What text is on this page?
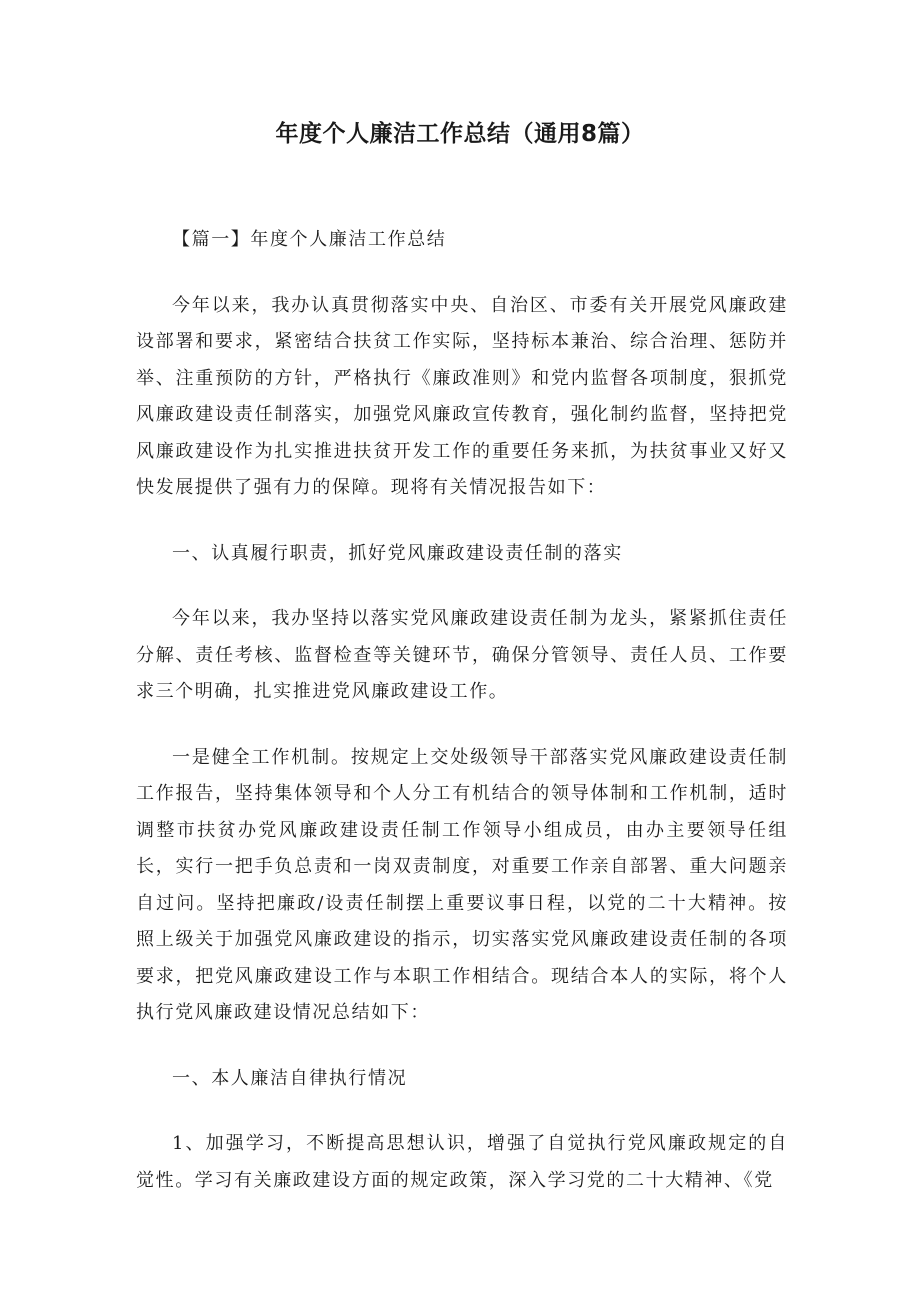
年度个人廉洁工作总结（通用8篇）

【篇一】年度个人廉洁工作总结

今年以来，我办认真贯彻落实中央、自治区、市委有关开展党风廉政建设部署和要求，紧密结合扶贫工作实际，坚持标本兼治、综合治理、惩防并举、注重预防的方针，严格执行《廉政准则》和党内监督各项制度，狠抓党风廉政建设责任制落实，加强党风廉政宣传教育，强化制约监督，坚持把党风廉政建设作为扎实推进扶贫开发工作的重要任务来抓，为扶贫事业又好又快发展提供了强有力的保障。现将有关情况报告如下：

一、认真履行职责，抓好党风廉政建设责任制的落实

今年以来，我办坚持以落实党风廉政建设责任制为龙头，紧紧抓住责任分解、责任考核、监督检查等关键环节，确保分管领导、责任人员、工作要求三个明确，扎实推进党风廉政建设工作。

一是健全工作机制。按规定上交处级领导干部落实党风廉政建设责任制工作报告，坚持集体领导和个人分工有机结合的领导体制和工作机制，适时调整市扶贫办党风廉政建设责任制工作领导小组成员，由办主要领导任组长，实行一把手负总责和一岗双责制度，对重要工作亲自部署、重大问题亲自过问。坚持把廉政/设责任制摆上重要议事日程，以党的二十大精神。按照上级关于加强党风廉政建设的指示，切实落实党风廉政建设责任制的各项要求，把党风廉政建设工作与本职工作相结合。现结合本人的实际，将个人执行党风廉政建设情况总结如下：

一、本人廉洁自律执行情况

1、加强学习，不断提高思想认识，增强了自觉执行党风廉政规定的自觉性。学习有关廉政建设方面的规定政策，深入学习党的二十大精神、《党
